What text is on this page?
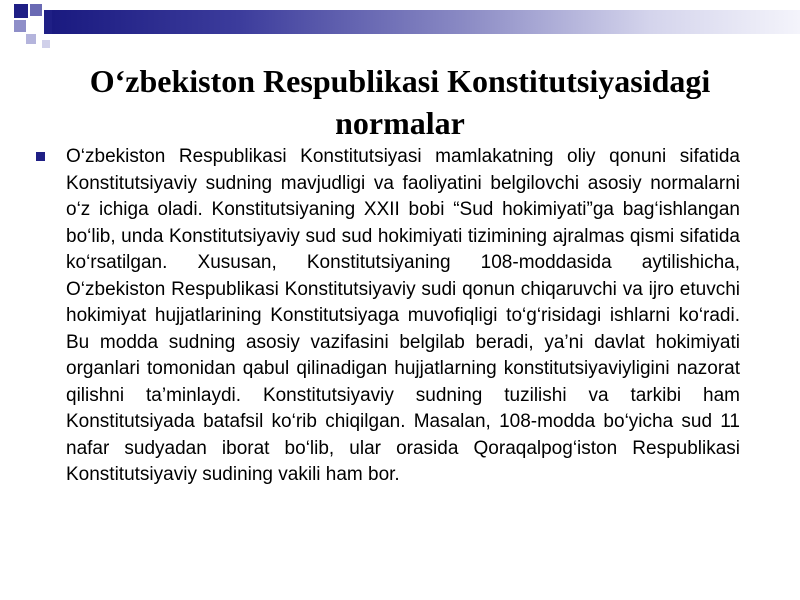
O‘zbekiston Respublikasi Konstitutsiyasidagi normalar

O‘zbekiston Respublikasi Konstitutsiyasi mamlakatning oliy qonuni sifatida Konstitutsiyaviy sudning mavjudligi va faoliyatini belgilovchi asosiy normalarni o‘z ichiga oladi. Konstitutsiyaning XXII bobi “Sud hokimiyati”ga bag‘ishlangan bo‘lib, unda Konstitutsiyaviy sud sud hokimiyati tizimining ajralmas qismi sifatida ko‘rsatilgan. Xususan, Konstitutsiyaning 108-moddasida aytilishicha, O‘zbekiston Respublikasi Konstitutsiyaviy sudi qonun chiqaruvchi va ijro etuvchi hokimiyat hujjatlarining Konstitutsiyaga muvofiqligi to‘g‘risidagi ishlarni ko‘radi. Bu modda sudning asosiy vazifasini belgilab beradi, ya’ni davlat hokimiyati organlari tomonidan qabul qilinadigan hujjatlarning konstitutsiyaviyligini nazorat qilishni ta’minlaydi. Konstitutsiyaviy sudning tuzilishi va tarkibi ham Konstitutsiyada batafsil ko‘rib chiqilgan. Masalan, 108-modda bo‘yicha sud 11 nafar sudyadan iborat bo‘lib, ular orasida Qoraqalpog‘iston Respublikasi Konstitutsiyaviy sudining vakili ham bor.
